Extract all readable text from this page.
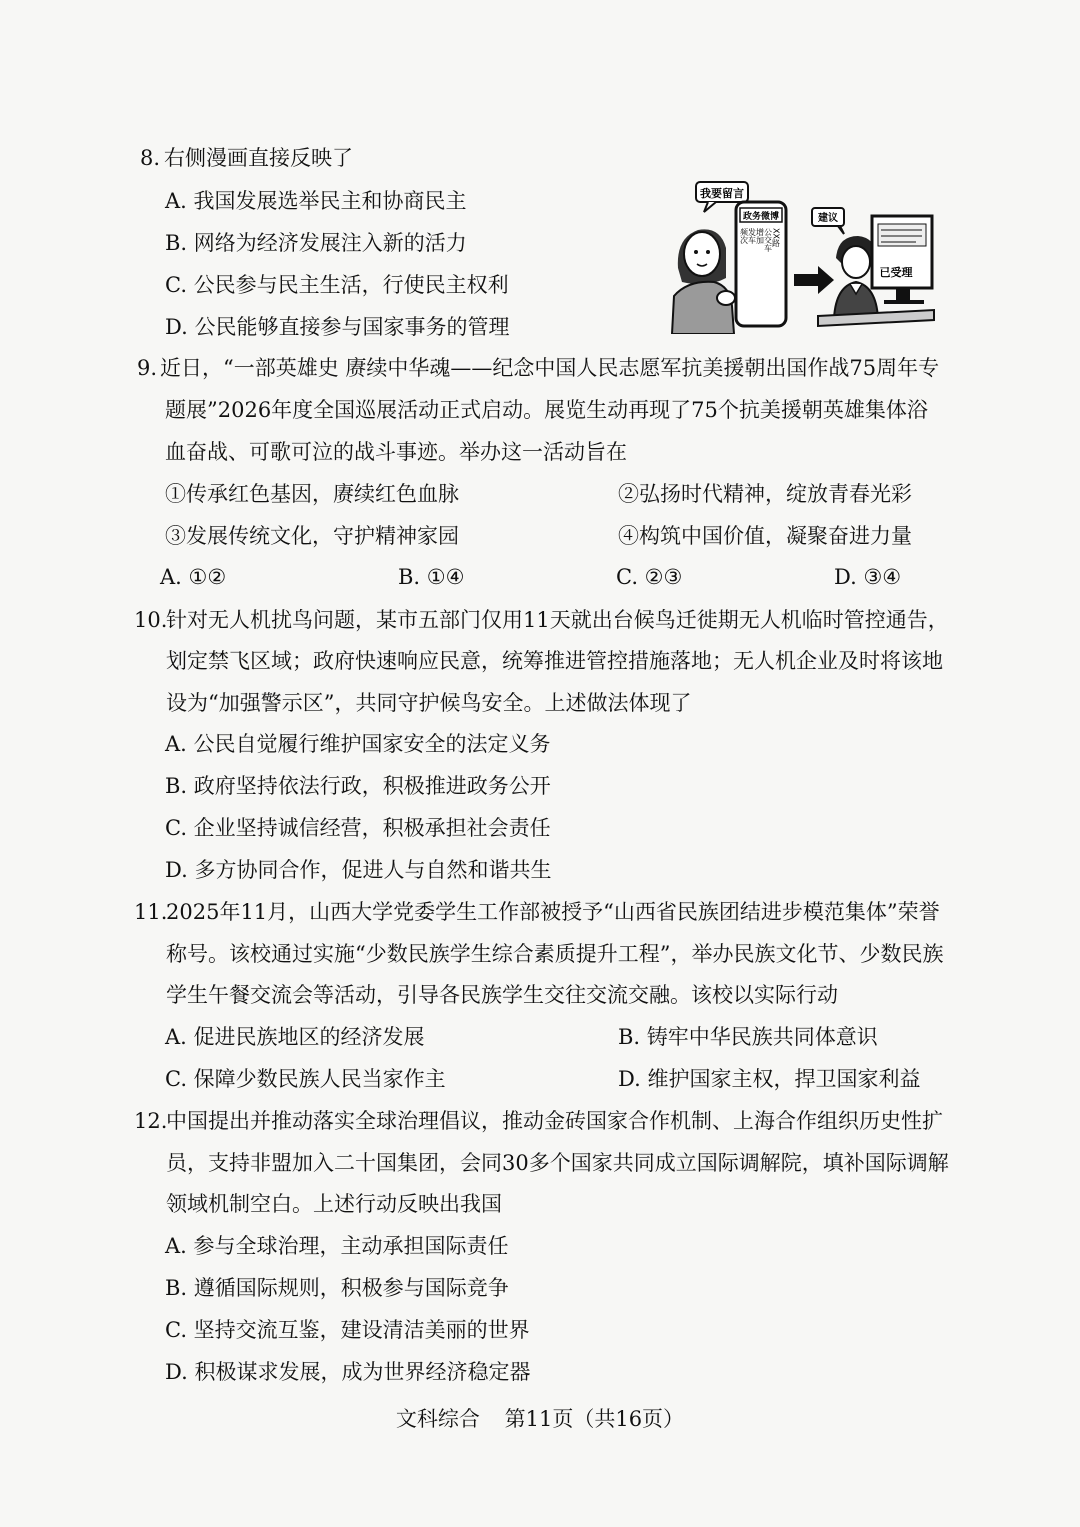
8. 右侧漫画直接反映了
A. 我国发展选举民主和协商民主
B. 网络为经济发展注入新的活力
C. 公民参与民主生活，行使民主权利
D. 公民能够直接参与国家事务的管理
我要留言
政务微博
XX路
公交车
增加
发车
频次
建议
已受理
9. 近日，“一部英雄史 赓续中华魂——纪念中国人民志愿军抗美援朝出国作战75周年专
题展”2026年度全国巡展活动正式启动。展览生动再现了75个抗美援朝英雄集体浴
血奋战、可歌可泣的战斗事迹。举办这一活动旨在
①传承红色基因，赓续红色血脉	②弘扬时代精神，绽放青春光彩
③发展传统文化，守护精神家园	④构筑中国价值，凝聚奋进力量
A. ①②	B. ①④	C. ②③	D. ③④
10.
针对无人机扰鸟问题，某市五部门仅用11天就出台候鸟迁徙期无人机临时管控通告，
划定禁飞区域；政府快速响应民意，统筹推进管控措施落地；无人机企业及时将该地
设为“加强警示区”，共同守护候鸟安全。上述做法体现了
A. 公民自觉履行维护国家安全的法定义务
B. 政府坚持依法行政，积极推进政务公开
C. 企业坚持诚信经营，积极承担社会责任
D. 多方协同合作，促进人与自然和谐共生
11.
2025年11月，山西大学党委学生工作部被授予“山西省民族团结进步模范集体”荣誉
称号。该校通过实施“少数民族学生综合素质提升工程”，举办民族文化节、少数民族
学生午餐交流会等活动，引导各民族学生交往交流交融。该校以实际行动
A. 促进民族地区的经济发展	B. 铸牢中华民族共同体意识
C. 保障少数民族人民当家作主	D. 维护国家主权，捍卫国家利益
12.
中国提出并推动落实全球治理倡议，推动金砖国家合作机制、上海合作组织历史性扩
员，支持非盟加入二十国集团，会同30多个国家共同成立国际调解院，填补国际调解
领域机制空白。上述行动反映出我国
A. 参与全球治理，主动承担国际责任
B. 遵循国际规则，积极参与国际竞争
C. 坚持交流互鉴，建设清洁美丽的世界
D. 积极谋求发展，成为世界经济稳定器
文科综合 第11页（共16页）
